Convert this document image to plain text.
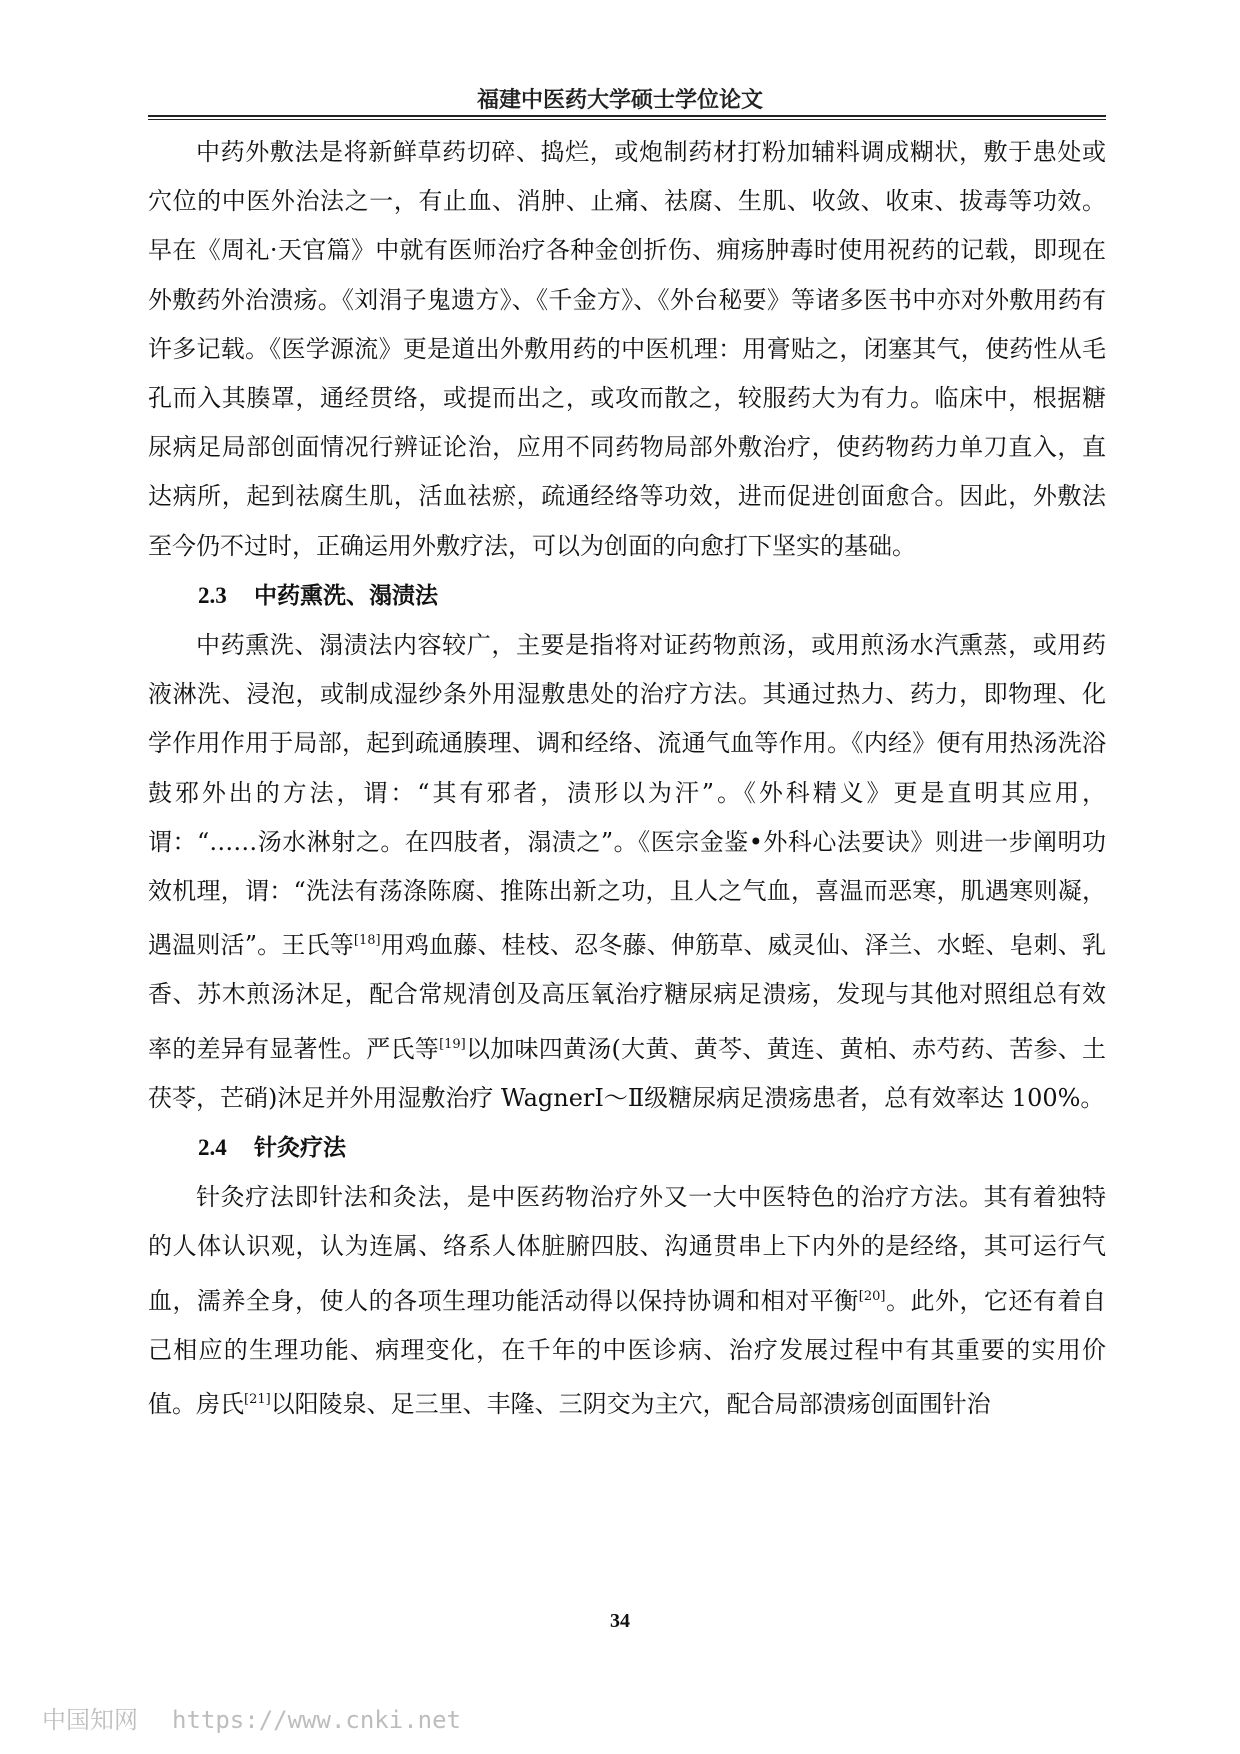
福建中医药大学硕士学位论文

中药外敷法是将新鲜草药切碎、捣烂，或炮制药材打粉加辅料调成糊状，敷于患处或穴位的中医外治法之一，有止血、消肿、止痛、祛腐、生肌、收敛、收束、拔毒等功效。早在《周礼·天官篇》中就有医师治疗各种金创折伤、痈疡肿毒时使用祝药的记载，即现在外敷药外治溃疡。《刘涓子鬼遗方》、《千金方》、《外台秘要》等诸多医书中亦对外敷用药有许多记载。《医学源流》更是道出外敷用药的中医机理：用膏贴之，闭塞其气，使药性从毛孔而入其腠罩，通经贯络，或提而出之，或攻而散之，较服药大为有力。临床中，根据糖尿病足局部创面情况行辨证论治，应用不同药物局部外敷治疗，使药物药力单刀直入，直达病所，起到祛腐生肌，活血祛瘀，疏通经络等功效，进而促进创面愈合。因此，外敷法至今仍不过时，正确运用外敷疗法，可以为创面的向愈打下坚实的基础。

2.3 中药熏洗、溻渍法

中药熏洗、溻渍法内容较广，主要是指将对证药物煎汤，或用煎汤水汽熏蒸，或用药液淋洗、浸泡，或制成湿纱条外用湿敷患处的治疗方法。其通过热力、药力，即物理、化学作用作用于局部，起到疏通腠理、调和经络、流通气血等作用。《内经》便有用热汤洗浴鼓邪外出的方法，谓：“其有邪者，渍形以为汗”。《外科精义》更是直明其应用，谓：“……汤水淋射之。在四肢者，溻渍之”。《医宗金鉴•外科心法要诀》则进一步阐明功效机理，谓：“洗法有荡涤陈腐、推陈出新之功，且人之气血，喜温而恶寒，肌遇寒则凝，遇温则活”。王氏等[18]用鸡血藤、桂枝、忍冬藤、伸筋草、威灵仙、泽兰、水蛭、皂刺、乳香、苏木煎汤沐足，配合常规清创及高压氧治疗糖尿病足溃疡，发现与其他对照组总有效率的差异有显著性。严氏等[19]以加味四黄汤(大黄、黄芩、黄连、黄柏、赤芍药、苦参、土茯苓，芒硝)沐足并外用湿敷治疗 WagnerⅠ～Ⅱ级糖尿病足溃疡患者，总有效率达 100%。

2.4 针灸疗法

针灸疗法即针法和灸法，是中医药物治疗外又一大中医特色的治疗方法。其有着独特的人体认识观，认为连属、络系人体脏腑四肢、沟通贯串上下内外的是经络，其可运行气血，濡养全身，使人的各项生理功能活动得以保持协调和相对平衡[20]。此外，它还有着自己相应的生理功能、病理变化，在千年的中医诊病、治疗发展过程中有其重要的实用价值。房氏[21]以阳陵泉、足三里、丰隆、三阴交为主穴，配合局部溃疡创面围针治

34
中国知网 https://www.cnki.net
